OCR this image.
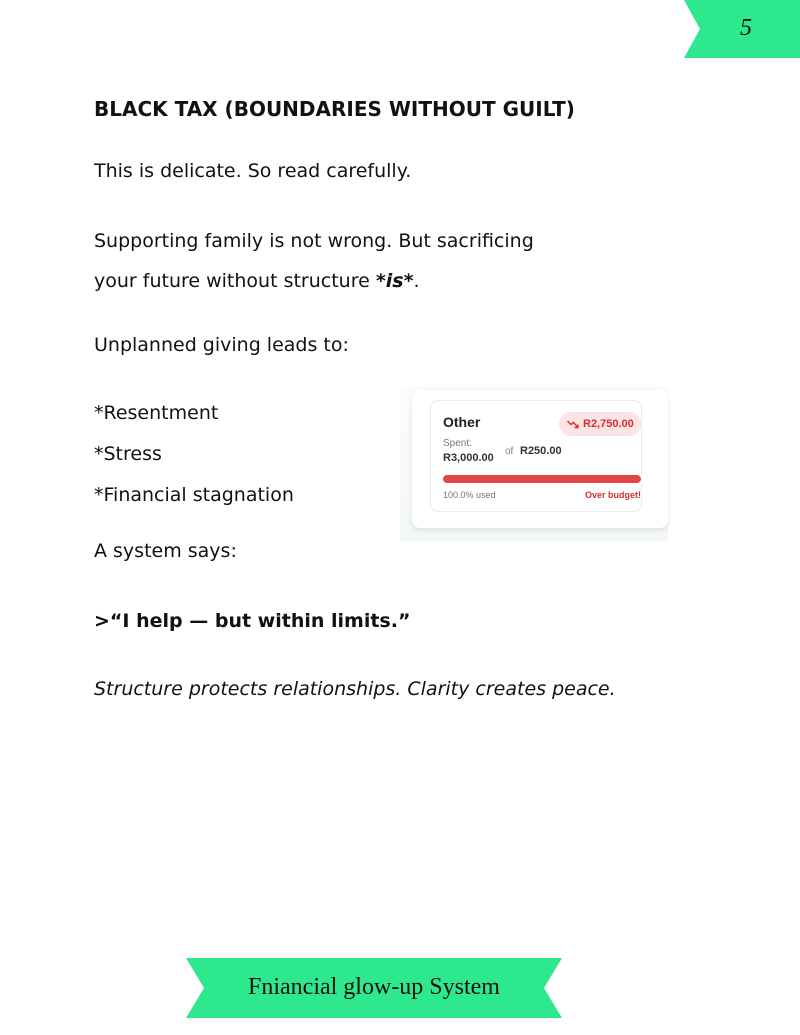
5
BLACK TAX (BOUNDARIES WITHOUT GUILT)
This is delicate. So read carefully.
Supporting family is not wrong. But sacrificing
your future without structure *is*.
Unplanned giving leads to:
*Resentment
*Stress
*Financial stagnation
Other	R2,750.00
Spent:
R3,000.00
of R250.00
100.0% used	Over budget!
A system says:
>“I help — but within limits.”
Structure protects relationships. Clarity creates peace.
Fniancial glow-up System
